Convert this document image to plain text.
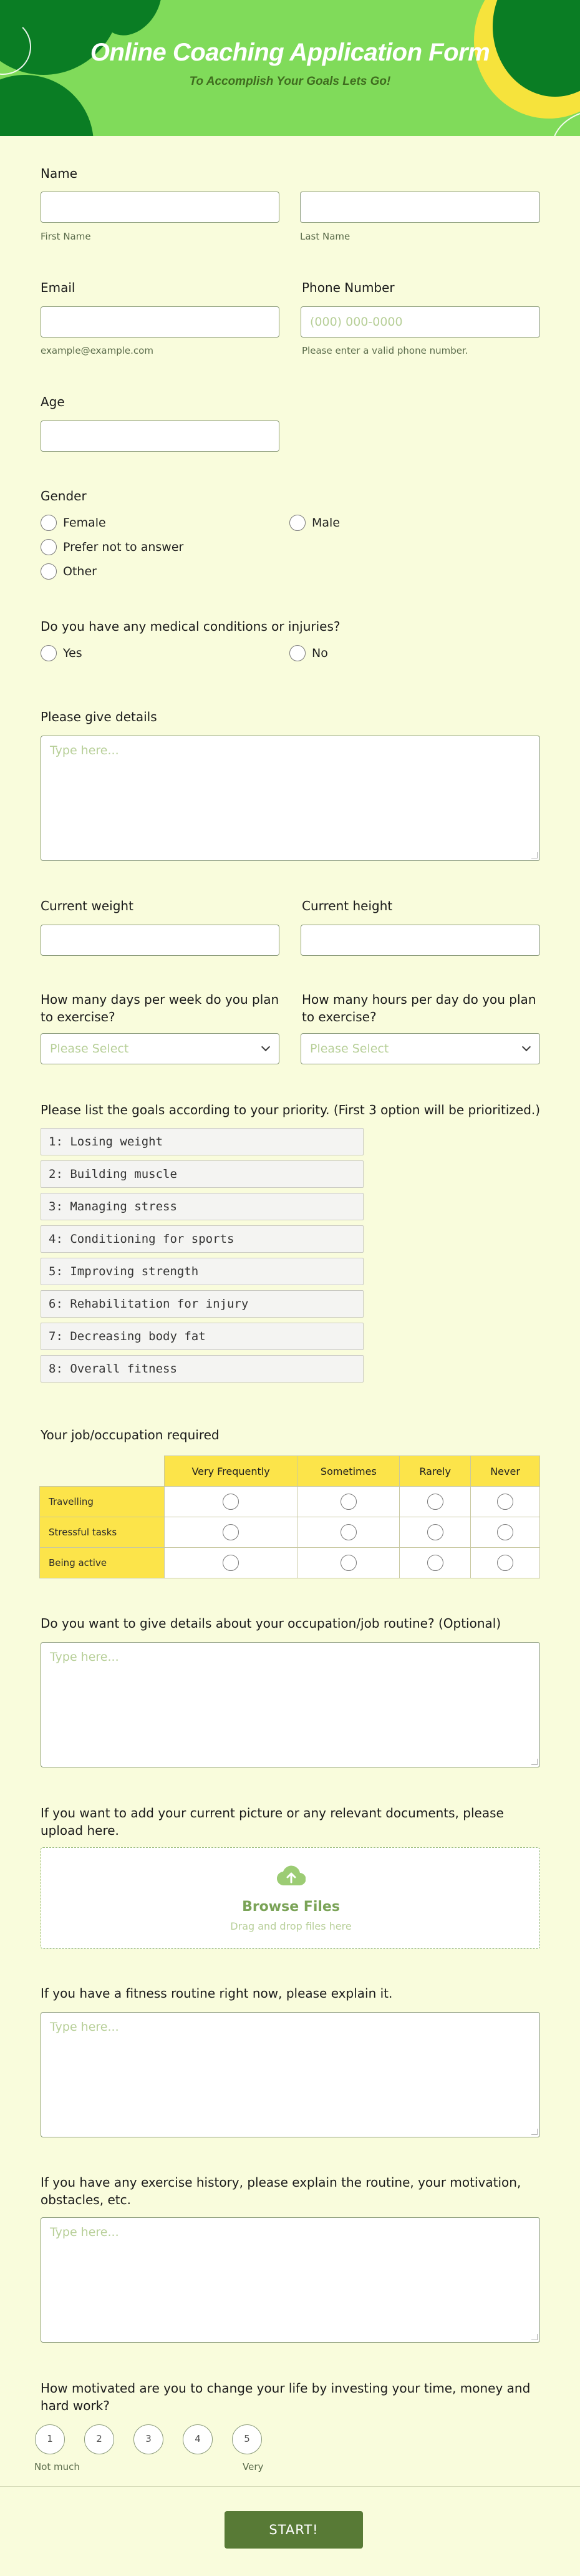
Online Coaching Application Form
To Accomplish Your Goals Lets Go!
Name
First Name	Last Name
Email
example@example.com
Phone Number
(000) 000-0000
Please enter a valid phone number.
Age
Gender
Female	Male
Prefer not to answer
Other
Do you have any medical conditions or injuries?
Yes	No
Please give details
Type here...
Current weight	Current height
How many days per week do you plan to exercise?
Please Select
How many hours per day do you plan to exercise?
Please Select
Please list the goals according to your priority. (First 3 option will be prioritized.)
1: Losing weight
2: Building muscle
3: Managing stress
4: Conditioning for sports
5: Improving strength
6: Rehabilitation for injury
7: Decreasing body fat
8: Overall fitness
Your job/occupation required
	Very Frequently	Sometimes	Rarely	Never
Travelling				
Stressful tasks				
Being active				
Do you want to give details about your occupation/job routine? (Optional)
Type here...
If you want to add your current picture or any relevant documents, please upload here.
Browse Files
Drag and drop files here
If you have a fitness routine right now, please explain it.
Type here...
If you have any exercise history, please explain the routine, your motivation, obstacles, etc.
Type here...
How motivated are you to change your life by investing your time, money and hard work?
1	2	3	4	5
Not much	Very
START!
